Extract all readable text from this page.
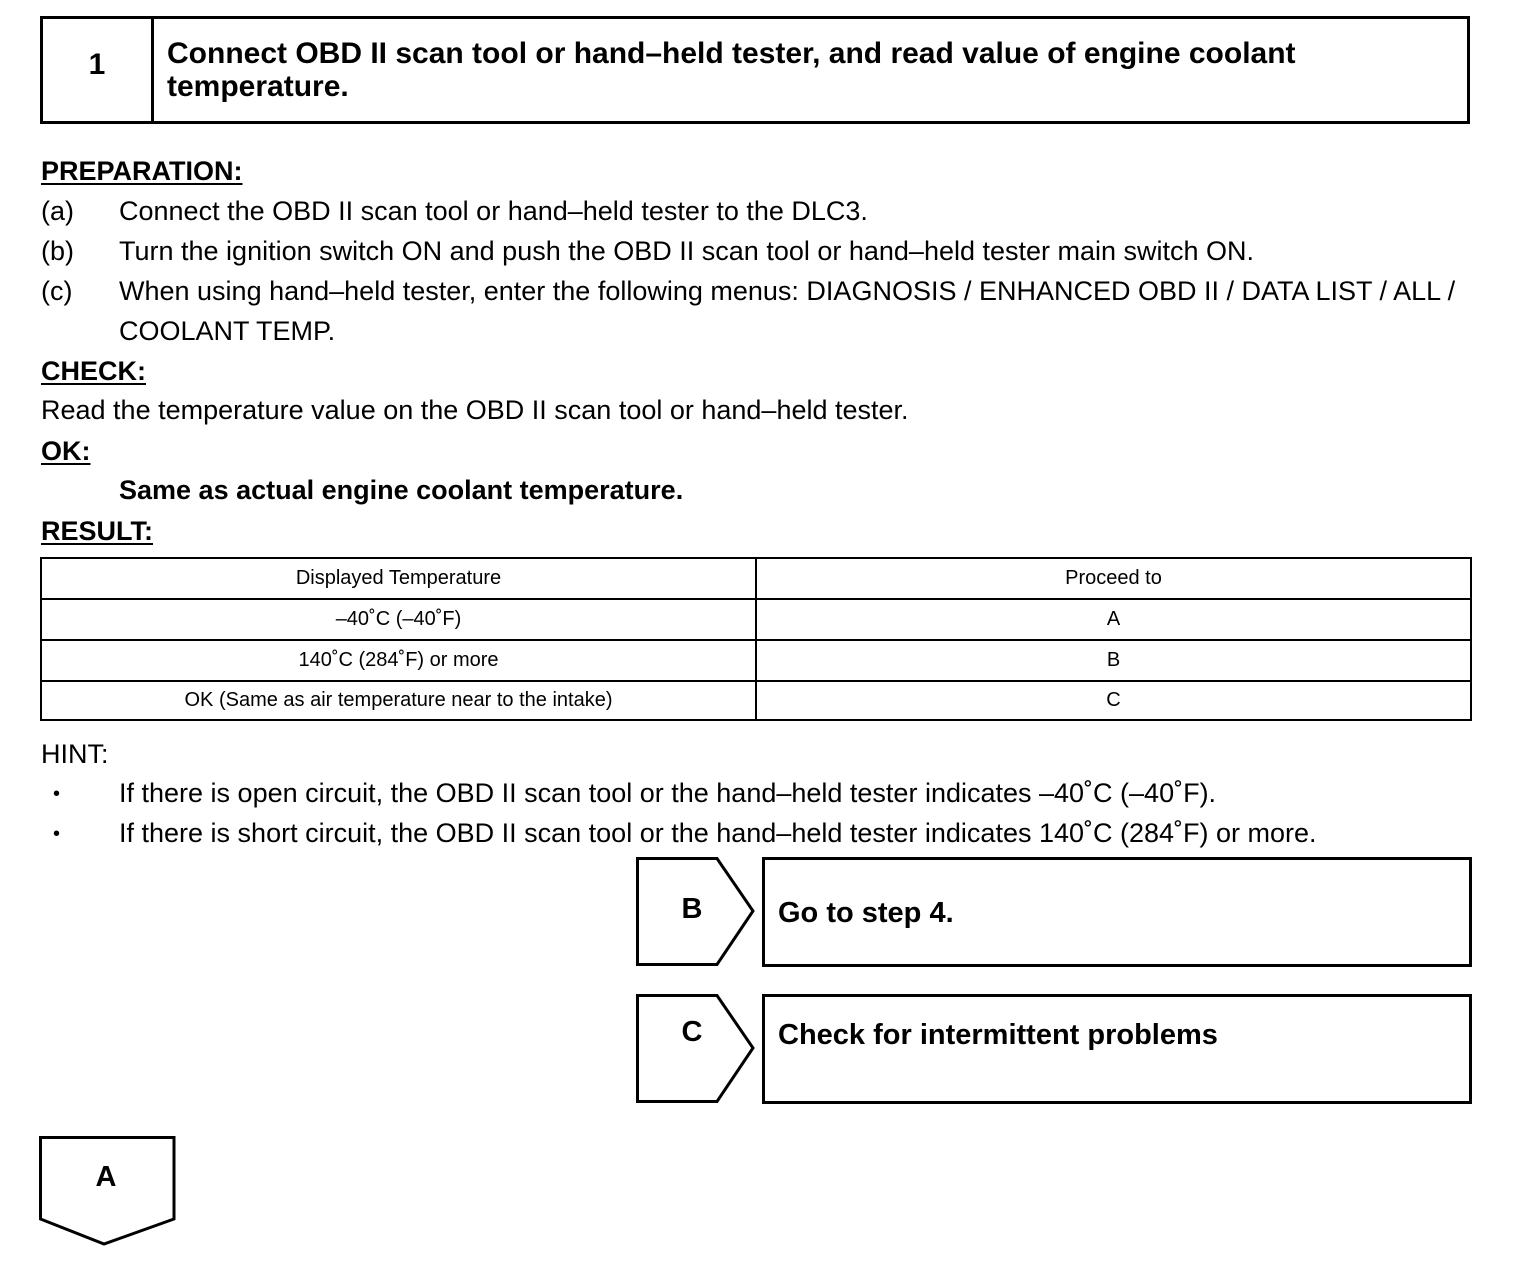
1	Connect OBD II scan tool or hand–held tester, and read value of engine coolant temperature.
PREPARATION:
(a)	Connect the OBD II scan tool or hand–held tester to the DLC3.
(b)	Turn the ignition switch ON and push the OBD II scan tool or hand–held tester main switch ON.
(c)	When using hand–held tester, enter the following menus: DIAGNOSIS / ENHANCED OBD II / DATA LIST / ALL / COOLANT TEMP.
CHECK:
Read the temperature value on the OBD II scan tool or hand–held tester.
OK:
Same as actual engine coolant temperature.
RESULT:
Displayed Temperature	Proceed to
–40˚C (–40˚F)	A
140˚C (284˚F) or more	B
OK (Same as air temperature near to the intake)	C
HINT:
• If there is open circuit, the OBD II scan tool or the hand–held tester indicates –40˚C (–40˚F).
• If there is short circuit, the OBD II scan tool or the hand–held tester indicates 140˚C (284˚F) or more.
B	Go to step 4.
C	Check for intermittent problems
A
